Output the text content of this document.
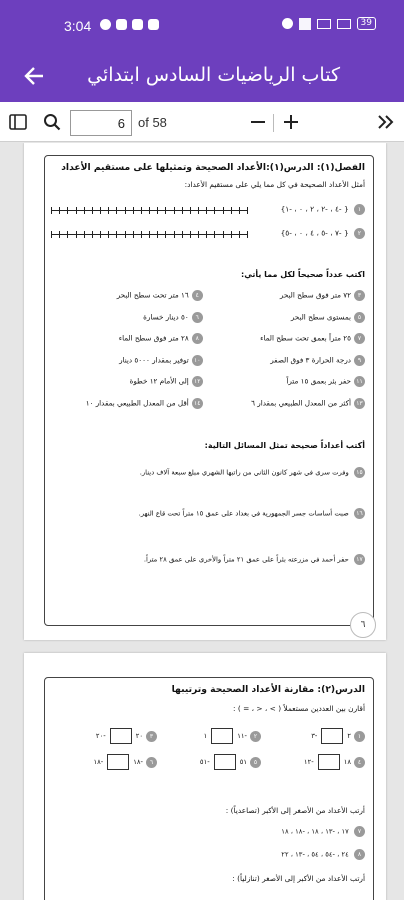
3:04	39
كتاب الرياضيات السادس ابتدائي
6
of 58
الفصل(١): الدرس(١):الأعداد الصحيحة وتمثيلها على مستقيم الأعداد
أمثل الأعداد الصحيحة في كل مما يلي على مستقيم الأعداد:
١ { -٤ ، -٢ ، ٢ ، ٠ ، -١}
٢ { -٧ ، -٥ ، ٤ ، ٠ ، -٥}
اكتب عدداً صحيحاً لكل مما يأتي:
٣٧٢ متر فوق سطح البحر
٤١٦ متر تحت سطح البحر
٥بمستوى سطح البحر
٦٥٠ دينار خسارة
٧٢٥ متراً بعمق تحت سطح الماء
٨٢٨ متر فوق سطح الماء
٩درجة الحرارة ٣ فوق الصفر
١٠توفير بمقدار ٥٠٠٠ دينار
١١حفر بئر بعمق ١٥ متراً
١٢إلى الأمام ١٢ خطوة
١٣أكثر من المعدل الطبيعي بمقدار ٦
١٤أقل من المعدل الطبيعي بمقدار ١٠
أكتب أعداداً صحيحة تمثل المسائل التالية:
١٥ وفرت سرى في شهر كانون الثاني من راتبها الشهري مبلغ سبعة آلاف دينار.
١٦ صبت أساسات جسر الجمهورية في بغداد على عمق ١٥ متراً تحت قاع النهر.
١٧ حفر أحمد في مزرعته بئراً على عمق ٢١ متراً والأخرى على عمق ٢٨ متراً.
٦
الدرس(٢): مقارنة الأعداد الصحيحة وترتيبها
أقارن بين العددين مستعملاً ( > ، < ، = ) :
١٢-٣
٢-١١١
٣٢٠-٢٠
٤١٨-١٢
٥٥١-٥١
٦-١٨-١٨
أرتب الأعداد من الأصغر إلى الأكبر (تصاعدياً) :
٧ ١٧ ، -١٣ ، ١٨ ، -١٨ ، ١٨
٨ ٢٤ ، -٥٤ ، ٥٤ ، -١٣ ، ٢٢
أرتب الأعداد من الأكبر إلى الأصغر (تنازلياً) :
